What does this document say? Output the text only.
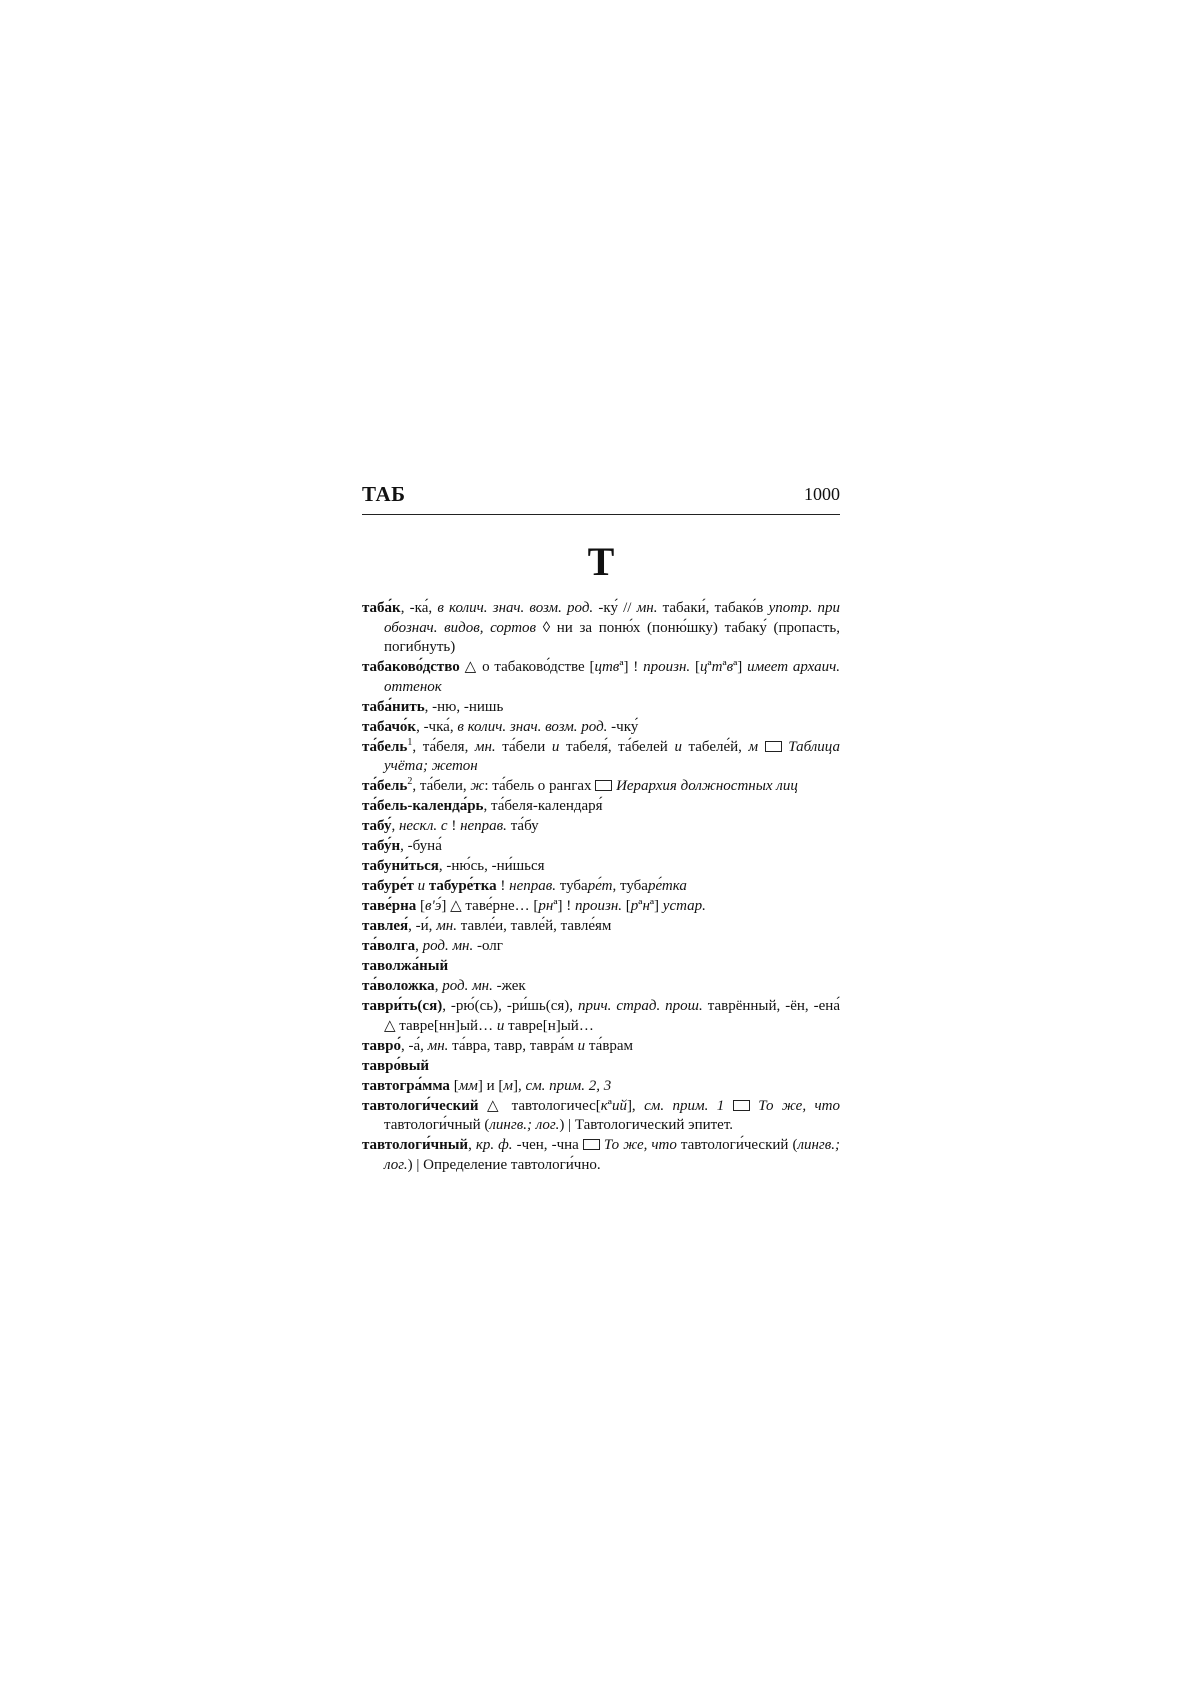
ТАБ	1000
Т
таба́к, -ка́, в колич. знач. возм. род. -ку́ // мн. табаки́, табако́в употр. при обознач. видов, сортов ◊ ни за поню́х (поню́шку) табаку́ (пропасть, погибнуть)
табаково́дство △ о табаково́дстве [цтвª] ! произн. [цªтªвª] имеет архаич. оттенок
таба́нить, -ню, -нишь
табачо́к, -чка́, в колич. знач. возм. род. -чку́
та́бель$^1$, та́беля, мн. та́бели и табеля́, та́белей и табеле́й, м Таблица учёта; жетон
та́бель$^2$, та́бели, ж: та́бель о рангах  Иерархия должностных лиц
та́бель-календа́рь, та́беля-календаря́
табу́, нескл. с ! неправ. та́бу
табу́н, -буна́
табуни́ться, -ню́сь, -ни́шься
табуре́т и табуре́тка ! неправ. тубаре́т, тубаре́тка
таве́рна [в'э́] △ таве́рне… [рнª] ! произн. [рªнª] устар.
тавлея́, -и́, мн. тавле́и, тавле́й, тавле́ям
та́волга, род. мн. -олг
таволжа́ный
та́воложка, род. мн. -жек
таври́ть(ся), -рю́(сь), -ри́шь(ся), прич. страд. прош. таврённый, -ён, -ена́ △ тавре[нн]ый… и тавре[н]ый…
тавро́, -а́, мн. та́вра, тавр, тавра́м и та́врам
тавро́вый
тавтогра́мма [мм] и [м], см. прим. 2, 3
тавтологи́ческий △ тавтологичес[кªий], см. прим. 1 То же, что тавтологи́чный (лингв.; лог.) | Тавтологический эпитет.
тавтологи́чный, кр. ф. -чен, -чна  То же, что тавтологи́ческий (лингв.; лог.) | Определение тавтологи́чно.
